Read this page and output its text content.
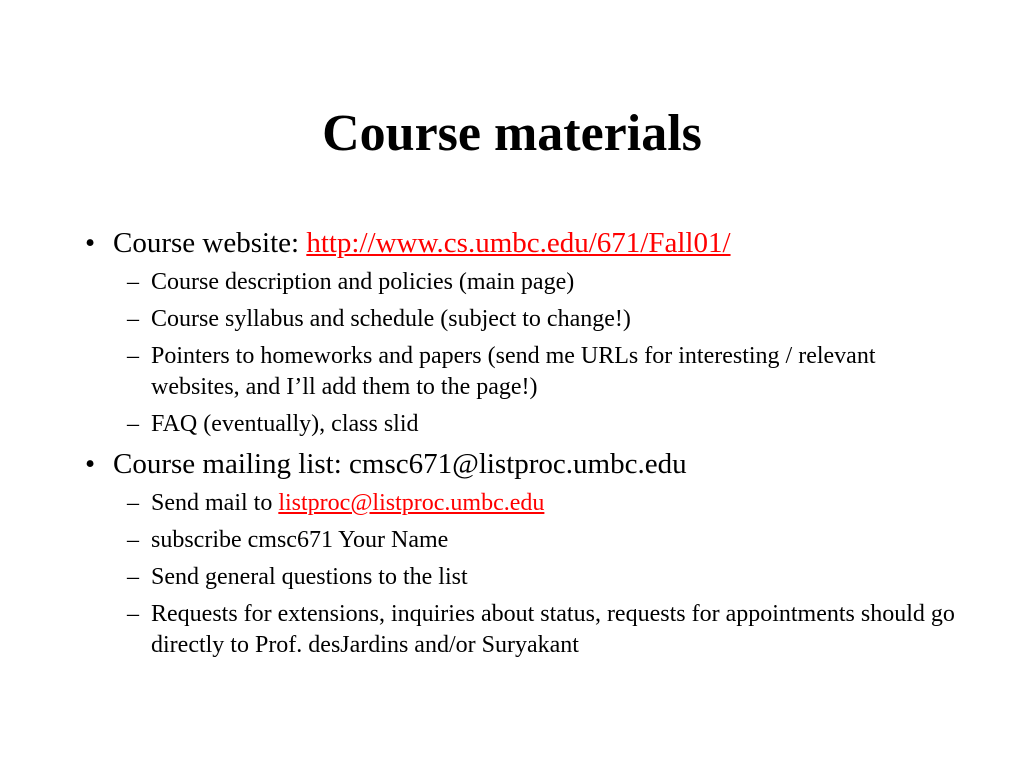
Course materials
• Course website: http://www.cs.umbc.edu/671/Fall01/
– Course description and policies (main page)
– Course syllabus and schedule (subject to change!)
– Pointers to homeworks and papers (send me URLs for interesting / relevant websites, and I’ll add them to the page!)
– FAQ (eventually), class slid
• Course mailing list: cmsc671@listproc.umbc.edu
– Send mail to listproc@listproc.umbc.edu
– subscribe cmsc671 Your Name
– Send general questions to the list
– Requests for extensions, inquiries about status, requests for appointments should go directly to Prof. desJardins and/or Suryakant
